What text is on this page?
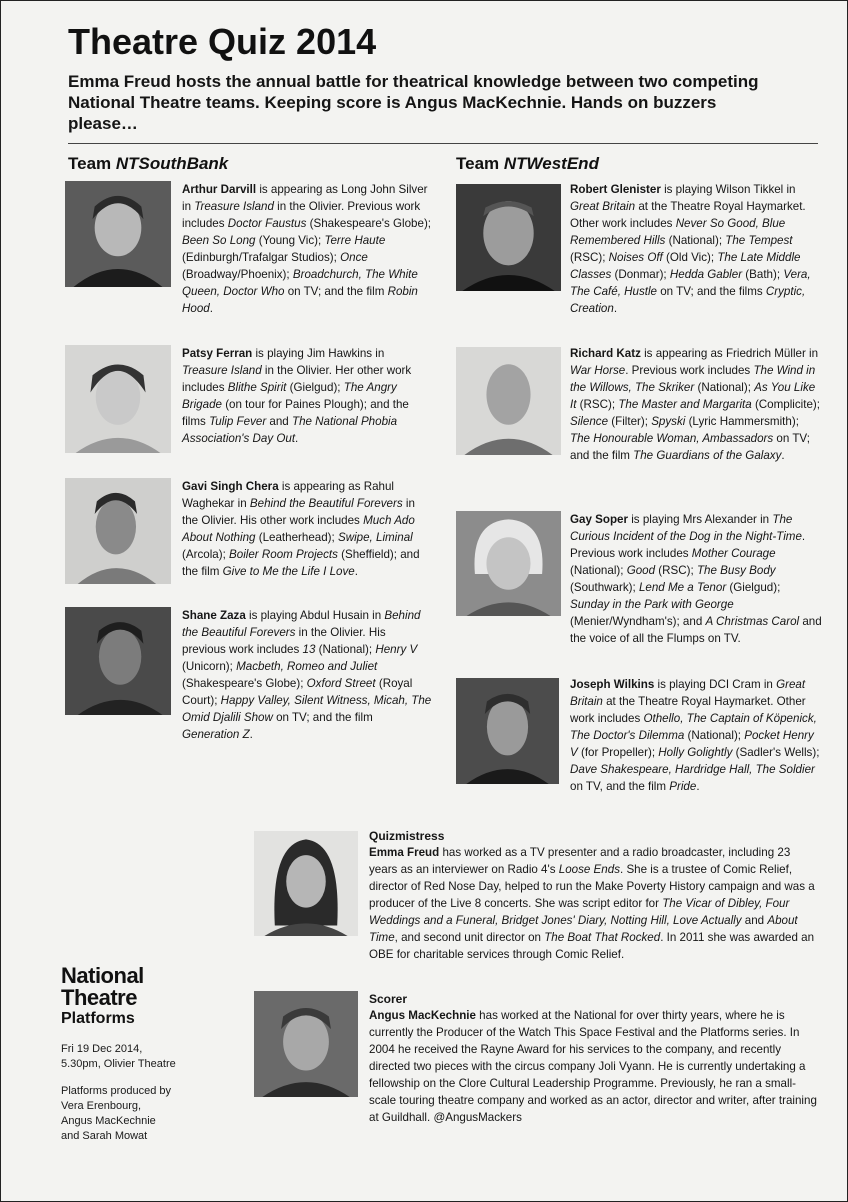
Theatre Quiz 2014

Emma Freud hosts the annual battle for theatrical knowledge between two competing National Theatre teams. Keeping score is Angus MacKechnie. Hands on buzzers please…

Team NTSouthBank	Team NTWestEnd

Arthur Darvill is appearing as Long John Silver in Treasure Island in the Olivier. Previous work includes Doctor Faustus (Shakespeare's Globe); Been So Long (Young Vic); Terre Haute (Edinburgh/Trafalgar Studios); Once (Broadway/Phoenix); Broadchurch, The White Queen, Doctor Who on TV; and the film Robin Hood.

Patsy Ferran is playing Jim Hawkins in Treasure Island in the Olivier. Her other work includes Blithe Spirit (Gielgud); The Angry Brigade (on tour for Paines Plough); and the films Tulip Fever and The National Phobia Association's Day Out.

Gavi Singh Chera is appearing as Rahul Waghekar in Behind the Beautiful Forevers in the Olivier. His other work includes Much Ado About Nothing (Leatherhead); Swipe, Liminal (Arcola); Boiler Room Projects (Sheffield); and the film Give to Me the Life I Love.

Shane Zaza is playing Abdul Husain in Behind the Beautiful Forevers in the Olivier. His previous work includes 13 (National); Henry V (Unicorn); Macbeth, Romeo and Juliet (Shakespeare's Globe); Oxford Street (Royal Court); Happy Valley, Silent Witness, Micah, The Omid Djalili Show on TV; and the film Generation Z.

Robert Glenister is playing Wilson Tikkel in Great Britain at the Theatre Royal Haymarket. Other work includes Never So Good, Blue Remembered Hills (National); The Tempest (RSC); Noises Off (Old Vic); The Late Middle Classes (Donmar); Hedda Gabler (Bath); Vera, The Café, Hustle on TV; and the films Cryptic, Creation.

Richard Katz is appearing as Friedrich Müller in War Horse. Previous work includes The Wind in the Willows, The Skriker (National); As You Like It (RSC); The Master and Margarita (Complicite); Silence (Filter); Spyski (Lyric Hammersmith); The Honourable Woman, Ambassadors on TV; and the film The Guardians of the Galaxy.

Gay Soper is playing Mrs Alexander in The Curious Incident of the Dog in the Night-Time. Previous work includes Mother Courage (National); Good (RSC); The Busy Body (Southwark); Lend Me a Tenor (Gielgud); Sunday in the Park with George (Menier/Wyndham's); and A Christmas Carol and the voice of all the Flumps on TV.

Joseph Wilkins is playing DCI Cram in Great Britain at the Theatre Royal Haymarket. Other work includes Othello, The Captain of Köpenick, The Doctor's Dilemma (National); Pocket Henry V (for Propeller); Holly Golightly (Sadler's Wells); Dave Shakespeare, Hardridge Hall, The Soldier on TV, and the film Pride.

Quizmistress
Emma Freud has worked as a TV presenter and a radio broadcaster, including 23 years as an interviewer on Radio 4's Loose Ends. She is a trustee of Comic Relief, director of Red Nose Day, helped to run the Make Poverty History campaign and was a producer of the Live 8 concerts. She was script editor for The Vicar of Dibley, Four Weddings and a Funeral, Bridget Jones' Diary, Notting Hill, Love Actually and About Time, and second unit director on The Boat That Rocked. In 2011 she was awarded an OBE for charitable services through Comic Relief.

Scorer
Angus MacKechnie has worked at the National for over thirty years, where he is currently the Producer of the Watch This Space Festival and the Platforms series. In 2004 he received the Rayne Award for his services to the company, and recently directed two pieces with the circus company Joli Vyann. He is currently undertaking a fellowship on the Clore Cultural Leadership Programme. Previously, he ran a small-scale touring theatre company and worked as an actor, director and writer, after training at Guildhall. @AngusMackers

National
Theatre
Platforms

Fri 19 Dec 2014,
5.30pm, Olivier Theatre

Platforms produced by
Vera Erenbourg,
Angus MacKechnie
and Sarah Mowat
